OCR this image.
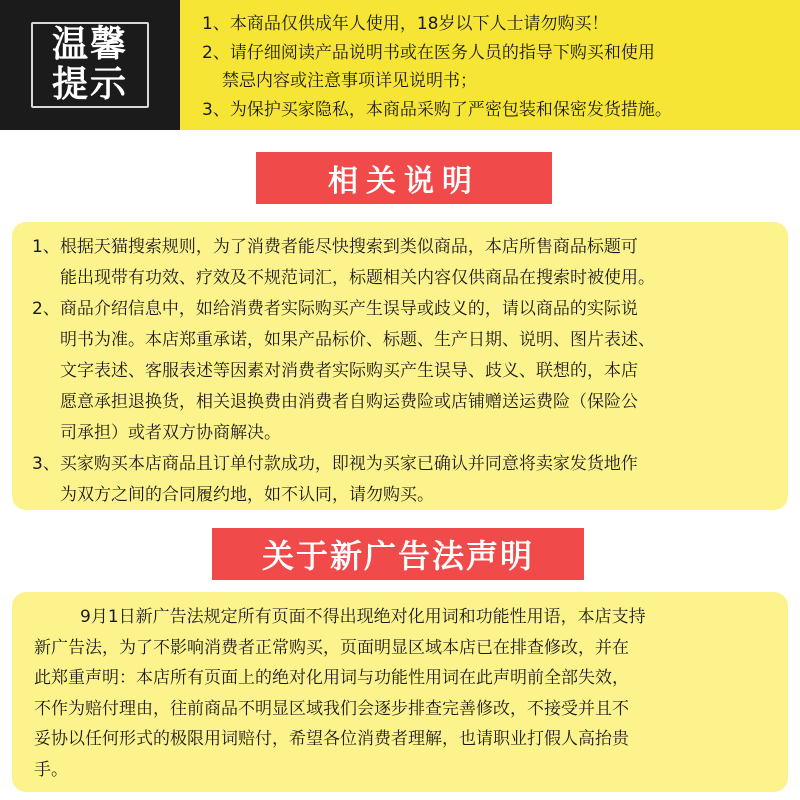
温馨
提示
1、本商品仅供成年人使用，18岁以下人士请勿购买！
2、请仔细阅读产品说明书或在医务人员的指导下购买和使用
禁忌内容或注意事项详见说明书；
3、为保护买家隐私，本商品采购了严密包装和保密发货措施。
相关说明
1、根据天猫搜索规则，为了消费者能尽快搜索到类似商品，本店所售商品标题可
能出现带有功效、疗效及不规范词汇，标题相关内容仅供商品在搜索时被使用。
2、商品介绍信息中，如给消费者实际购买产生误导或歧义的，请以商品的实际说
明书为准。本店郑重承诺，如果产品标价、标题、生产日期、说明、图片表述、
文字表述、客服表述等因素对消费者实际购买产生误导、歧义、联想的，本店
愿意承担退换货，相关退换费由消费者自购运费险或店铺赠送运费险（保险公
司承担）或者双方协商解决。
3、买家购买本店商品且订单付款成功，即视为买家已确认并同意将卖家发货地作
为双方之间的合同履约地，如不认同，请勿购买。
关于新广告法声明
9月1日新广告法规定所有页面不得出现绝对化用词和功能性用语，本店支持
新广告法，为了不影响消费者正常购买，页面明显区域本店已在排查修改，并在
此郑重声明：本店所有页面上的绝对化用词与功能性用词在此声明前全部失效，
不作为赔付理由，往前商品不明显区域我们会逐步排查完善修改，不接受并且不
妥协以任何形式的极限用词赔付，希望各位消费者理解，也请职业打假人高抬贵
手。
